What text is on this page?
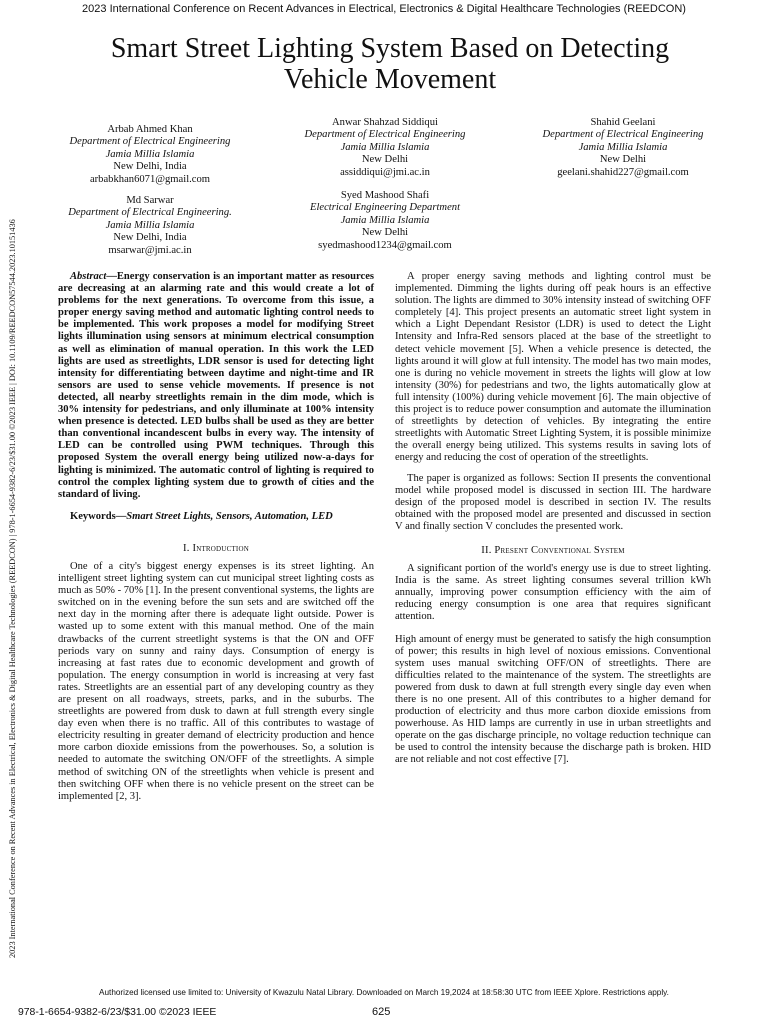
2023 International Conference on Recent Advances in Electrical, Electronics & Digital Healthcare Technologies (REEDCON)
2023 International Conference on Recent Advances in Electrical, Electronics & Digital Healthcare Technologies (REEDCON) | 978-1-6654-9382-6/23/$31.00 ©2023 IEEE | DOI: 10.1109/REEDCON57544.2023.10151436
Smart Street Lighting System Based on Detecting
Vehicle Movement
Arbab Ahmed Khan
Department of Electrical Engineering
Jamia Millia Islamia
New Delhi, India
arbabkhan6071@gmail.com
Anwar Shahzad Siddiqui
Department of Electrical Engineering
Jamia Millia Islamia
New Delhi
assiddiqui@jmi.ac.in
Shahid Geelani
Department of Electrical Engineering
Jamia Millia Islamia
New Delhi
geelani.shahid227@gmail.com
Md Sarwar
Department of Electrical Engineering.
Jamia Millia Islamia
New Delhi, India
msarwar@jmi.ac.in
Syed Mashood Shafi
Electrical Engineering Department
Jamia Millia Islamia
New Delhi
syedmashood1234@gmail.com

Abstract—Energy conservation is an important matter as resources are decreasing at an alarming rate and this would create a lot of problems for the next generations. To overcome from this issue, a proper energy saving method and automatic lighting control needs to be implemented. This work proposes a model for modifying Street lights illumination using sensors at minimum electrical consumption as well as elimination of manual operation. In this work the LED lights are used as streetlights, LDR sensor is used for detecting light intensity for differentiating between daytime and night-time and IR sensors are used to sense vehicle movements. If presence is not detected, all nearby streetlights remain in the dim mode, which is 30% intensity for pedestrians, and only illuminate at 100% intensity when presence is detected. LED bulbs shall be used as they are better than conventional incandescent bulbs in every way. The intensity of LED can be controlled using PWM techniques. Through this proposed System the overall energy being utilized now-a-days for lighting is minimized. The automatic control of lighting is required to control the complex lighting system due to growth of cities and the standard of living.

Keywords—Smart Street Lights, Sensors, Automation, LED

I. Introduction

One of a city's biggest energy expenses is its street lighting. An intelligent street lighting system can cut municipal street lighting costs as much as 50% - 70% [1]. In the present conventional systems, the lights are switched on in the evening before the sun sets and are switched off the next day in the morning after there is adequate light outside. Power is wasted up to some extent with this manual method. One of the main drawbacks of the current streetlight systems is that the ON and OFF periods vary on sunny and rainy days. Consumption of energy is increasing at fast rates due to economic development and growth of population. The energy consumption in world is increasing at very fast rates. Streetlights are an essential part of any developing country as they are present on all roadways, streets, parks, and in the suburbs. The streetlights are powered from dusk to dawn at full strength every single day even when there is no traffic. All of this contributes to wastage of electricity resulting in greater demand of electricity production and hence more carbon dioxide emissions from the powerhouses. So, a solution is needed to automate the switching ON/OFF of the streetlights. A simple method of switching ON of the streetlights when vehicle is present and then switching OFF when there is no vehicle present on the street can be implemented [2, 3].

A proper energy saving methods and lighting control must be implemented. Dimming the lights during off peak hours is an effective solution. The lights are dimmed to 30% intensity instead of switching OFF completely [4]. This project presents an automatic street light system in which a Light Dependant Resistor (LDR) is used to detect the Light Intensity and Infra-Red sensors placed at the base of the streetlight to detect vehicle movement [5]. When a vehicle presence is detected, the lights around it will glow at full intensity. The model has two main modes, one is during no vehicle movement in streets the lights will glow at low intensity (30%) for pedestrians and two, the lights automatically glow at full intensity (100%) during vehicle movement [6]. The main objective of this project is to reduce power consumption and automate the illumination of streetlights by detection of vehicles. By integrating the entire streetlights with Automatic Street Lighting System, it is possible minimize the overall energy being utilized. This systems results in saving lots of energy and reducing the cost of operation of the streetlights.

The paper is organized as follows: Section II presents the conventional model while proposed model is discussed in section III. The hardware design of the proposed model is described in section IV. The results obtained with the proposed model are presented and discussed in section V and finally section V concludes the presented work.

II. Present Conventional System

A significant portion of the world's energy use is due to street lighting. India is the same. As street lighting consumes several trillion kWh annually, improving power consumption efficiency with the aim of reducing energy consumption is one area that requires significant attention.

High amount of energy must be generated to satisfy the high consumption of power; this results in high level of noxious emissions. Conventional system uses manual switching OFF/ON of streetlights. There are difficulties related to the maintenance of the system. The streetlights are powered from dusk to dawn at full strength every single day even when there is no one present. All of this contributes to a higher demand for production of electricity and thus more carbon dioxide emissions from powerhouse. As HID lamps are currently in use in urban streetlights and operate on the gas discharge principle, no voltage reduction technique can be used to control the intensity because the discharge path is broken. HID are not reliable and not cost effective [7].

Authorized licensed use limited to: University of Kwazulu Natal Library. Downloaded on March 19,2024 at 18:58:30 UTC from IEEE Xplore. Restrictions apply.
978-1-6654-9382-6/23/$31.00 ©2023 IEEE	625
